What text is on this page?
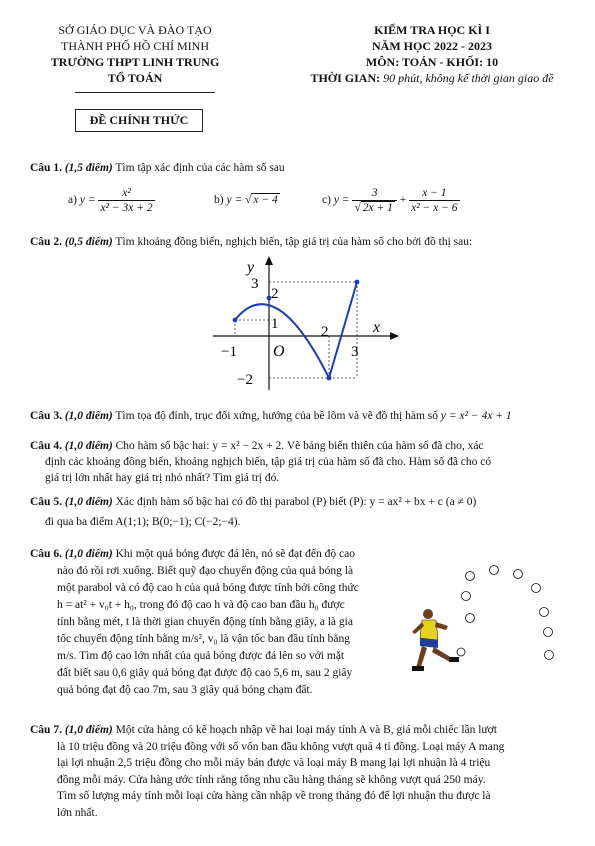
SỞ GIÁO DỤC VÀ ĐÀO TẠO
THÀNH PHỐ HỒ CHÍ MINH
TRƯỜNG THPT LINH TRUNG
TỔ TOÁN
KIỂM TRA HỌC KÌ I
NĂM HỌC 2022 - 2023
MÔN: TOÁN - KHỐI: 10
THỜI GIAN: 90 phút, không kể thời gian giao đề
ĐỀ CHÍNH THỨC
Câu 1. (1,5 điểm) Tìm tập xác định của các hàm số sau
a) $y = \frac{\text{x²}}{\text{x² − 3x + 2}}$	b) y = √ x − 4	c) $y = \frac{3}{√ 2x + 1} + \frac{x - 1}{\text{x² − x − 6}}$
Câu 2. (0,5 điểm) Tìm khoảng đồng biến, nghịch biến, tập giá trị của hàm số cho bởi đồ thị sau:
y
x
O
3
2
1	2
3
−1
−2
Câu 3. (1,0 điểm) Tìm tọa độ đỉnh, trục đối xứng, hướng của bề lõm và vẽ đồ thị hàm số y = x² − 4x + 1
Câu 4. (1,0 điểm) Cho hàm số bậc hai: y = x² − 2x + 2. Vẽ bảng biến thiên của hàm số đã cho, xác
định các khoảng đồng biến, khoảng nghịch biến, tập giá trị của hàm số đã cho. Hàm số đã cho có
giá trị lớn nhất hay giá trị nhỏ nhất? Tìm giá trị đó.
Câu 5. (1,0 điểm) Xác định hàm số bậc hai có đồ thị parabol (P) biết (P): y = ax² + bx + c (a ≠ 0)
đi qua ba điểm A(1;1); B(0;−1); C(−2;−4).
Câu 6. (1,0 điểm) Khi một quả bóng được đá lên, nó sẽ đạt đến độ cao
nào đó rồi rơi xuống. Biết quỹ đạo chuyển động của quả bóng là
một parabol và có độ cao h của quả bóng được tính bởi công thức
h = at² + v₀t + h₀, trong đó độ cao h và độ cao ban đầu h₀ được
tính bằng mét, t là thời gian chuyển động tính bằng giây, a là gia
tốc chuyển động tính bằng m/s², v₀ là vận tốc ban đầu tính bằng
m/s. Tìm độ cao lớn nhất của quả bóng được đá lên so với mặt
đất biết sau 0,6 giây quả bóng đạt được độ cao 5,6 m, sau 2 giây
quả bóng đạt độ cao 7m, sau 3 giây quả bóng chạm đất.
Câu 7. (1,0 điểm) Một cửa hàng có kế hoạch nhập về hai loại máy tính A và B, giá mỗi chiếc lần lượt
là 10 triệu đồng và 20 triệu đồng với số vốn ban đầu không vượt quá 4 tỉ đồng. Loại máy A mang
lại lợi nhuận 2,5 triệu đồng cho mỗi máy bán được và loại máy B mang lại lợi nhuận là 4 triệu
đồng mỗi máy. Cửa hàng ước tính rằng tổng nhu cầu hàng tháng sẽ không vượt quá 250 máy.
Tìm số lượng máy tính mỗi loại cửa hàng cần nhập về trong tháng đó để lợi nhuận thu được là
lớn nhất.
